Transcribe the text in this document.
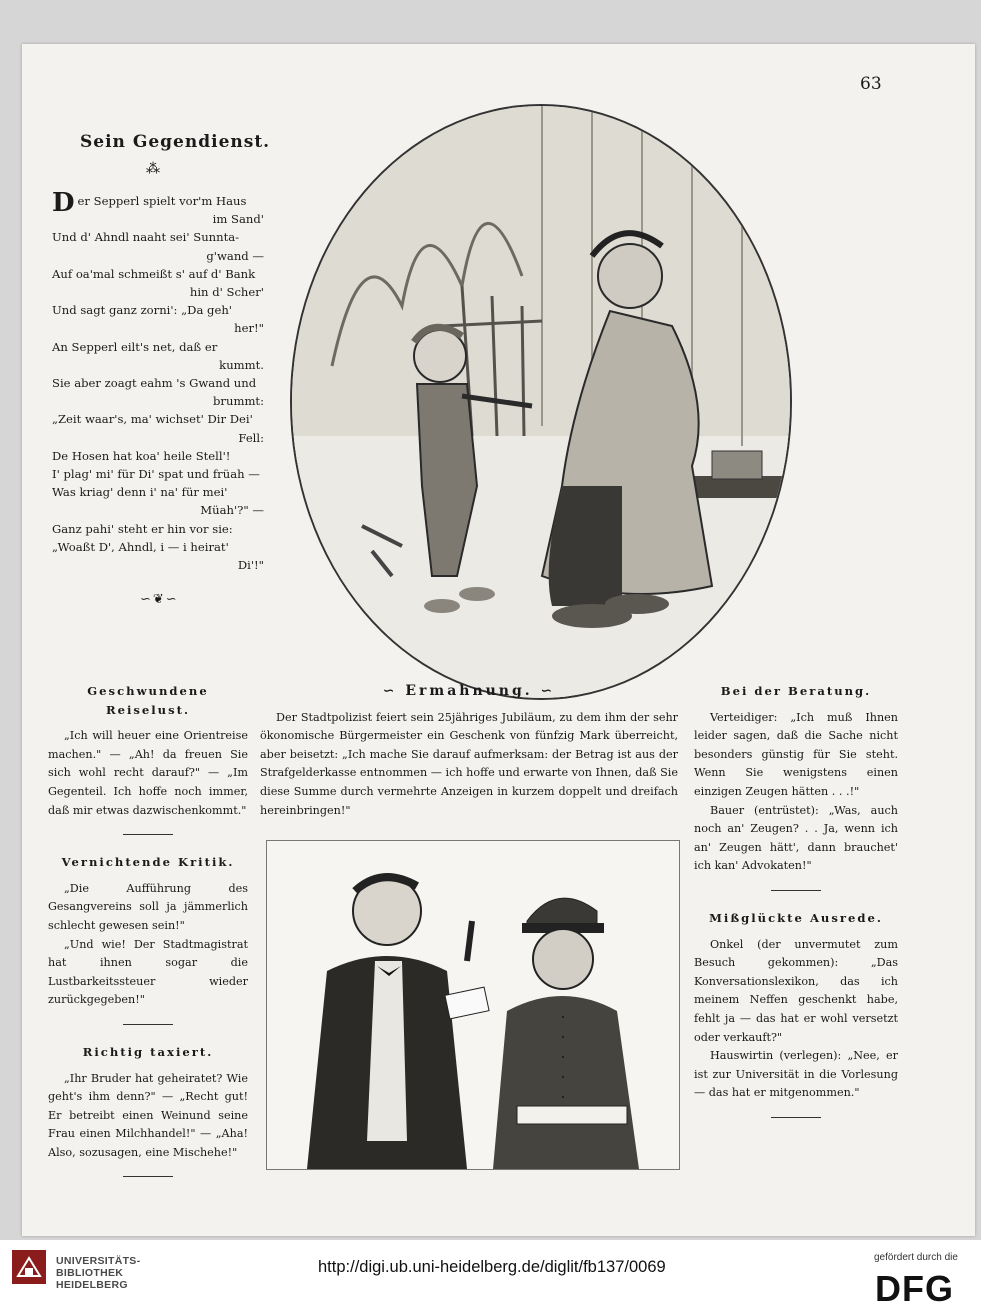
63
Sein Gegendienst.
⁂
D er Sepperl spielt vor'm Haus
im Sand'
Und d' Ahndl naaht sei' Sunnta-
g'wand —
Auf oa'mal schmeißt s' auf d' Bank
hin d' Scher'
Und sagt ganz zorni': „Da geh'
her!"
An Sepperl eilt's net, daß er
kummt.
Sie aber zoagt eahm 's Gwand und
brummt:
„Zeit waar's, ma' wichset' Dir Dei'
Fell:
De Hosen hat koa' heile Stell'!
I' plag' mi' für Di' spat und früah —
Was kriag' denn i' na' für mei'
Müah'?" —
Ganz pahi' steht er hin vor sie:
„Woaßt D', Ahndl, i — i heirat'
Di'!"
∽❦∽
Geschwundene Reiselust.

„Ich will heuer eine Orientreise machen." — „Ah! da freuen Sie sich wohl recht darauf?" — „Im Gegenteil. Ich hoffe noch immer, daß mir etwas dazwischenkommt."

Vernichtende Kritik.

„Die Aufführung des Gesangvereins soll ja jämmerlich schlecht gewesen sein!"

„Und wie! Der Stadtmagistrat hat ihnen sogar die Lustbarkeitssteuer wieder zurückgegeben!"

Richtig taxiert.

„Ihr Bruder hat geheiratet? Wie geht's ihm denn?" — „Recht gut! Er betreibt einen Weinund seine Frau einen Milchhandel!" — „Aha! Also, sozusagen, eine Mischehe!"

∽ Ermahnung. ∽

Der Stadtpolizist feiert sein 25jähriges Jubiläum, zu dem ihm der sehr ökonomische Bürgermeister ein Geschenk von fünfzig Mark überreicht, aber beisetzt: „Ich mache Sie darauf aufmerksam: der Betrag ist aus der Strafgelderkasse entnommen — ich hoffe und erwarte von Ihnen, daß Sie diese Summe durch vermehrte Anzeigen in kurzem doppelt und dreifach hereinbringen!"

Bei der Beratung.

Verteidiger: „Ich muß Ihnen leider sagen, daß die Sache nicht besonders günstig für Sie steht. Wenn Sie wenigstens einen einzigen Zeugen hätten . . .!"

Bauer (entrüstet): „Was, auch noch an' Zeugen? . . Ja, wenn ich an' Zeugen hätt', dann brauchet' ich kan' Advokaten!"

Mißglückte Ausrede.

Onkel (der unvermutet zum Besuch gekommen): „Das Konversationslexikon, das ich meinem Neffen geschenkt habe, fehlt ja — das hat er wohl versetzt oder verkauft?"

Hauswirtin (verlegen): „Nee, er ist zur Universität in die Vorlesung — das hat er mitgenommen."

UNIVERSITÄTS-
BIBLIOTHEK
HEIDELBERG
http://digi.ub.uni-heidelberg.de/diglit/fb137/0069
gefördert durch die
DFG
